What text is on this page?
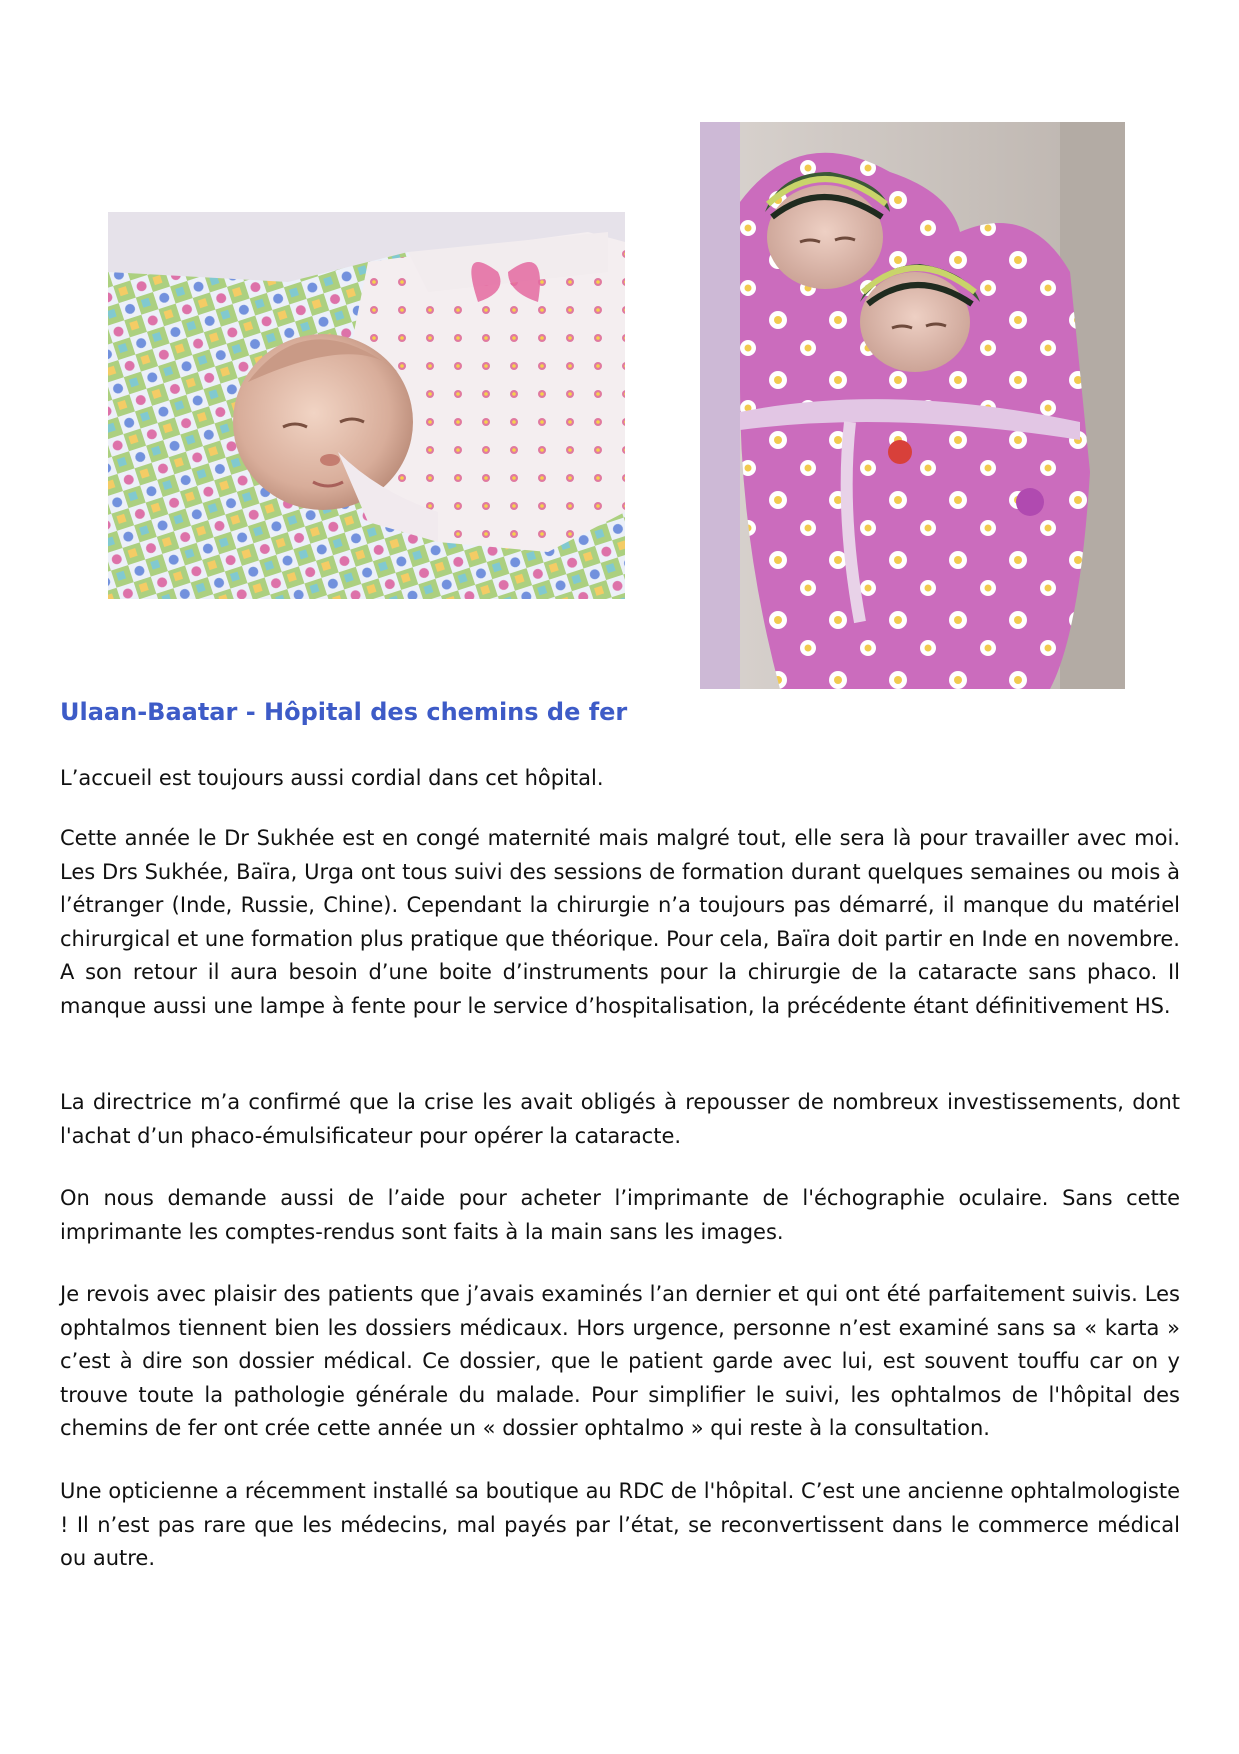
Ulaan-Baatar - Hôpital des chemins de fer

L’accueil est toujours aussi cordial dans cet hôpital.

Cette année le Dr Sukhée est en congé maternité mais malgré tout, elle sera là pour travailler avec moi. Les Drs Sukhée, Baïra, Urga ont tous suivi des sessions de formation durant quelques semaines ou mois à l’étranger (Inde, Russie, Chine). Cependant la chirurgie n’a toujours pas démarré, il manque du matériel chirurgical et une formation plus pratique que théorique. Pour cela, Baïra doit partir en Inde en novembre. A son retour il aura besoin d’une boite d’instruments pour la chirurgie de la cataracte sans phaco. Il manque aussi une lampe à fente pour le service d’hospitalisation, la précédente étant définitivement HS.

La directrice m’a confirmé que la crise les avait obligés à repousser de nombreux investissements, dont l'achat d’un phaco-émulsificateur pour opérer la cataracte.

On nous demande aussi de l’aide pour acheter l’imprimante de l'échographie oculaire. Sans cette imprimante les comptes-rendus sont faits à la main sans les images.

Je revois avec plaisir des patients que j’avais examinés l’an dernier et qui ont été parfaitement suivis. Les ophtalmos tiennent bien les dossiers médicaux. Hors urgence, personne n’est examiné sans sa « karta » c’est à dire son dossier médical. Ce dossier, que le patient garde avec lui, est souvent touffu car on y trouve toute la pathologie générale du malade. Pour simplifier le suivi, les ophtalmos de l'hôpital des chemins de fer ont crée cette année un « dossier ophtalmo » qui reste à la consultation.

Une opticienne a récemment installé sa boutique au RDC de l'hôpital. C’est une ancienne ophtalmologiste ! Il n’est pas rare que les médecins, mal payés par l’état, se reconvertissent dans le commerce médical ou autre.
